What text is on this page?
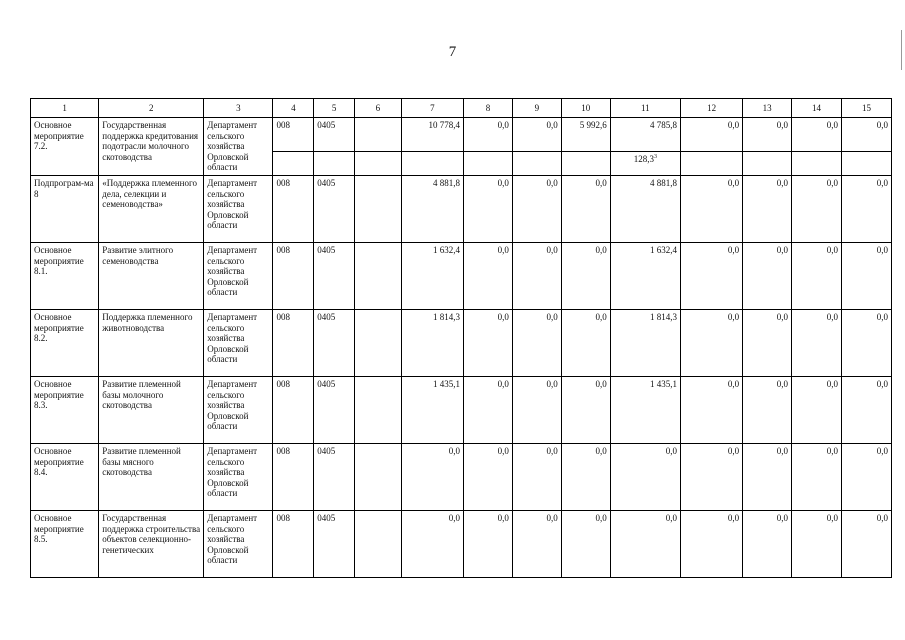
7
1	2	3	4	5	6	7	8	9	10	11	12	13	14	15
Основное мероприятие 7.2.	Государственная поддержка кредитования подотрасли молочного скотоводства	Департамент сельского хозяйства Орловской области	008	0405		10 778,4	0,0	0,0	5 992,6	4 785,8	0,0	0,0	0,0	0,0
										128,3$^3$				
Подпрограм-ма 8	«Поддержка племенного дела, селекции и семеноводства»	Департамент сельского хозяйства Орловской области	008	0405		4 881,8	0,0	0,0	0,0	4 881,8	0,0	0,0	0,0	0,0
Основное мероприятие 8.1.	Развитие элитного семеноводства	Департамент сельского хозяйства Орловской области	008	0405		1 632,4	0,0	0,0	0,0	1 632,4	0,0	0,0	0,0	0,0
Основное мероприятие 8.2.	Поддержка племенного животноводства	Департамент сельского хозяйства Орловской области	008	0405		1 814,3	0,0	0,0	0,0	1 814,3	0,0	0,0	0,0	0,0
Основное мероприятие 8.3.	Развитие племенной базы молочного скотоводства	Департамент сельского хозяйства Орловской области	008	0405		1 435,1	0,0	0,0	0,0	1 435,1	0,0	0,0	0,0	0,0
Основное мероприятие 8.4.	Развитие племенной базы мясного скотоводства	Департамент сельского хозяйства Орловской области	008	0405		0,0	0,0	0,0	0,0	0,0	0,0	0,0	0,0	0,0
Основное мероприятие 8.5.	Государственная поддержка строительства объектов селекционно-генетических	Департамент сельского хозяйства Орловской области	008	0405		0,0	0,0	0,0	0,0	0,0	0,0	0,0	0,0	0,0
